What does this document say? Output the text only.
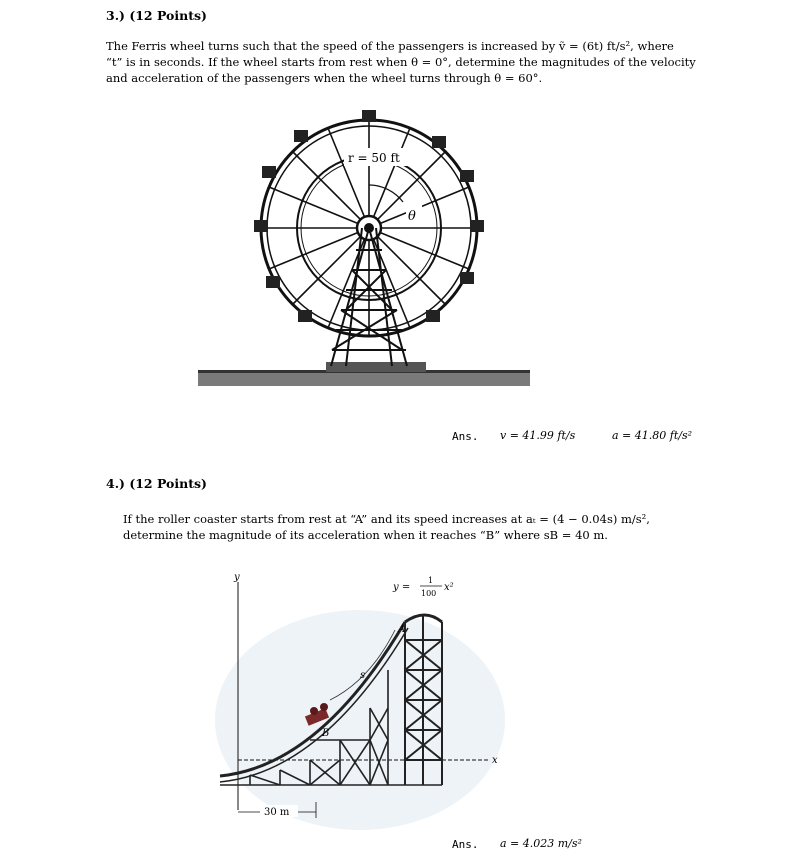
3.) (12 Points)
The Ferris wheel turns such that the speed of the passengers is increased by ṽ = (6t) ft/s², where
“t” is in seconds. If the wheel starts from rest when θ = 0°, determine the magnitudes of the velocity
and acceleration of the passengers when the wheel turns through θ = 60°.
r = 50 ft
θ
Ans. v = 41.99 ft/s	a = 41.80 ft/s²
4.) (12 Points)
If the roller coaster starts from rest at “A” and its speed increases at aₜ = (4 − 0.04s) m/s²,
determine the magnitude of its acceleration when it reaches “B” where sB = 40 m.
y
x
B
s
A
y =
1
100
x²
30 m
Ans. a = 4.023 m/s²
